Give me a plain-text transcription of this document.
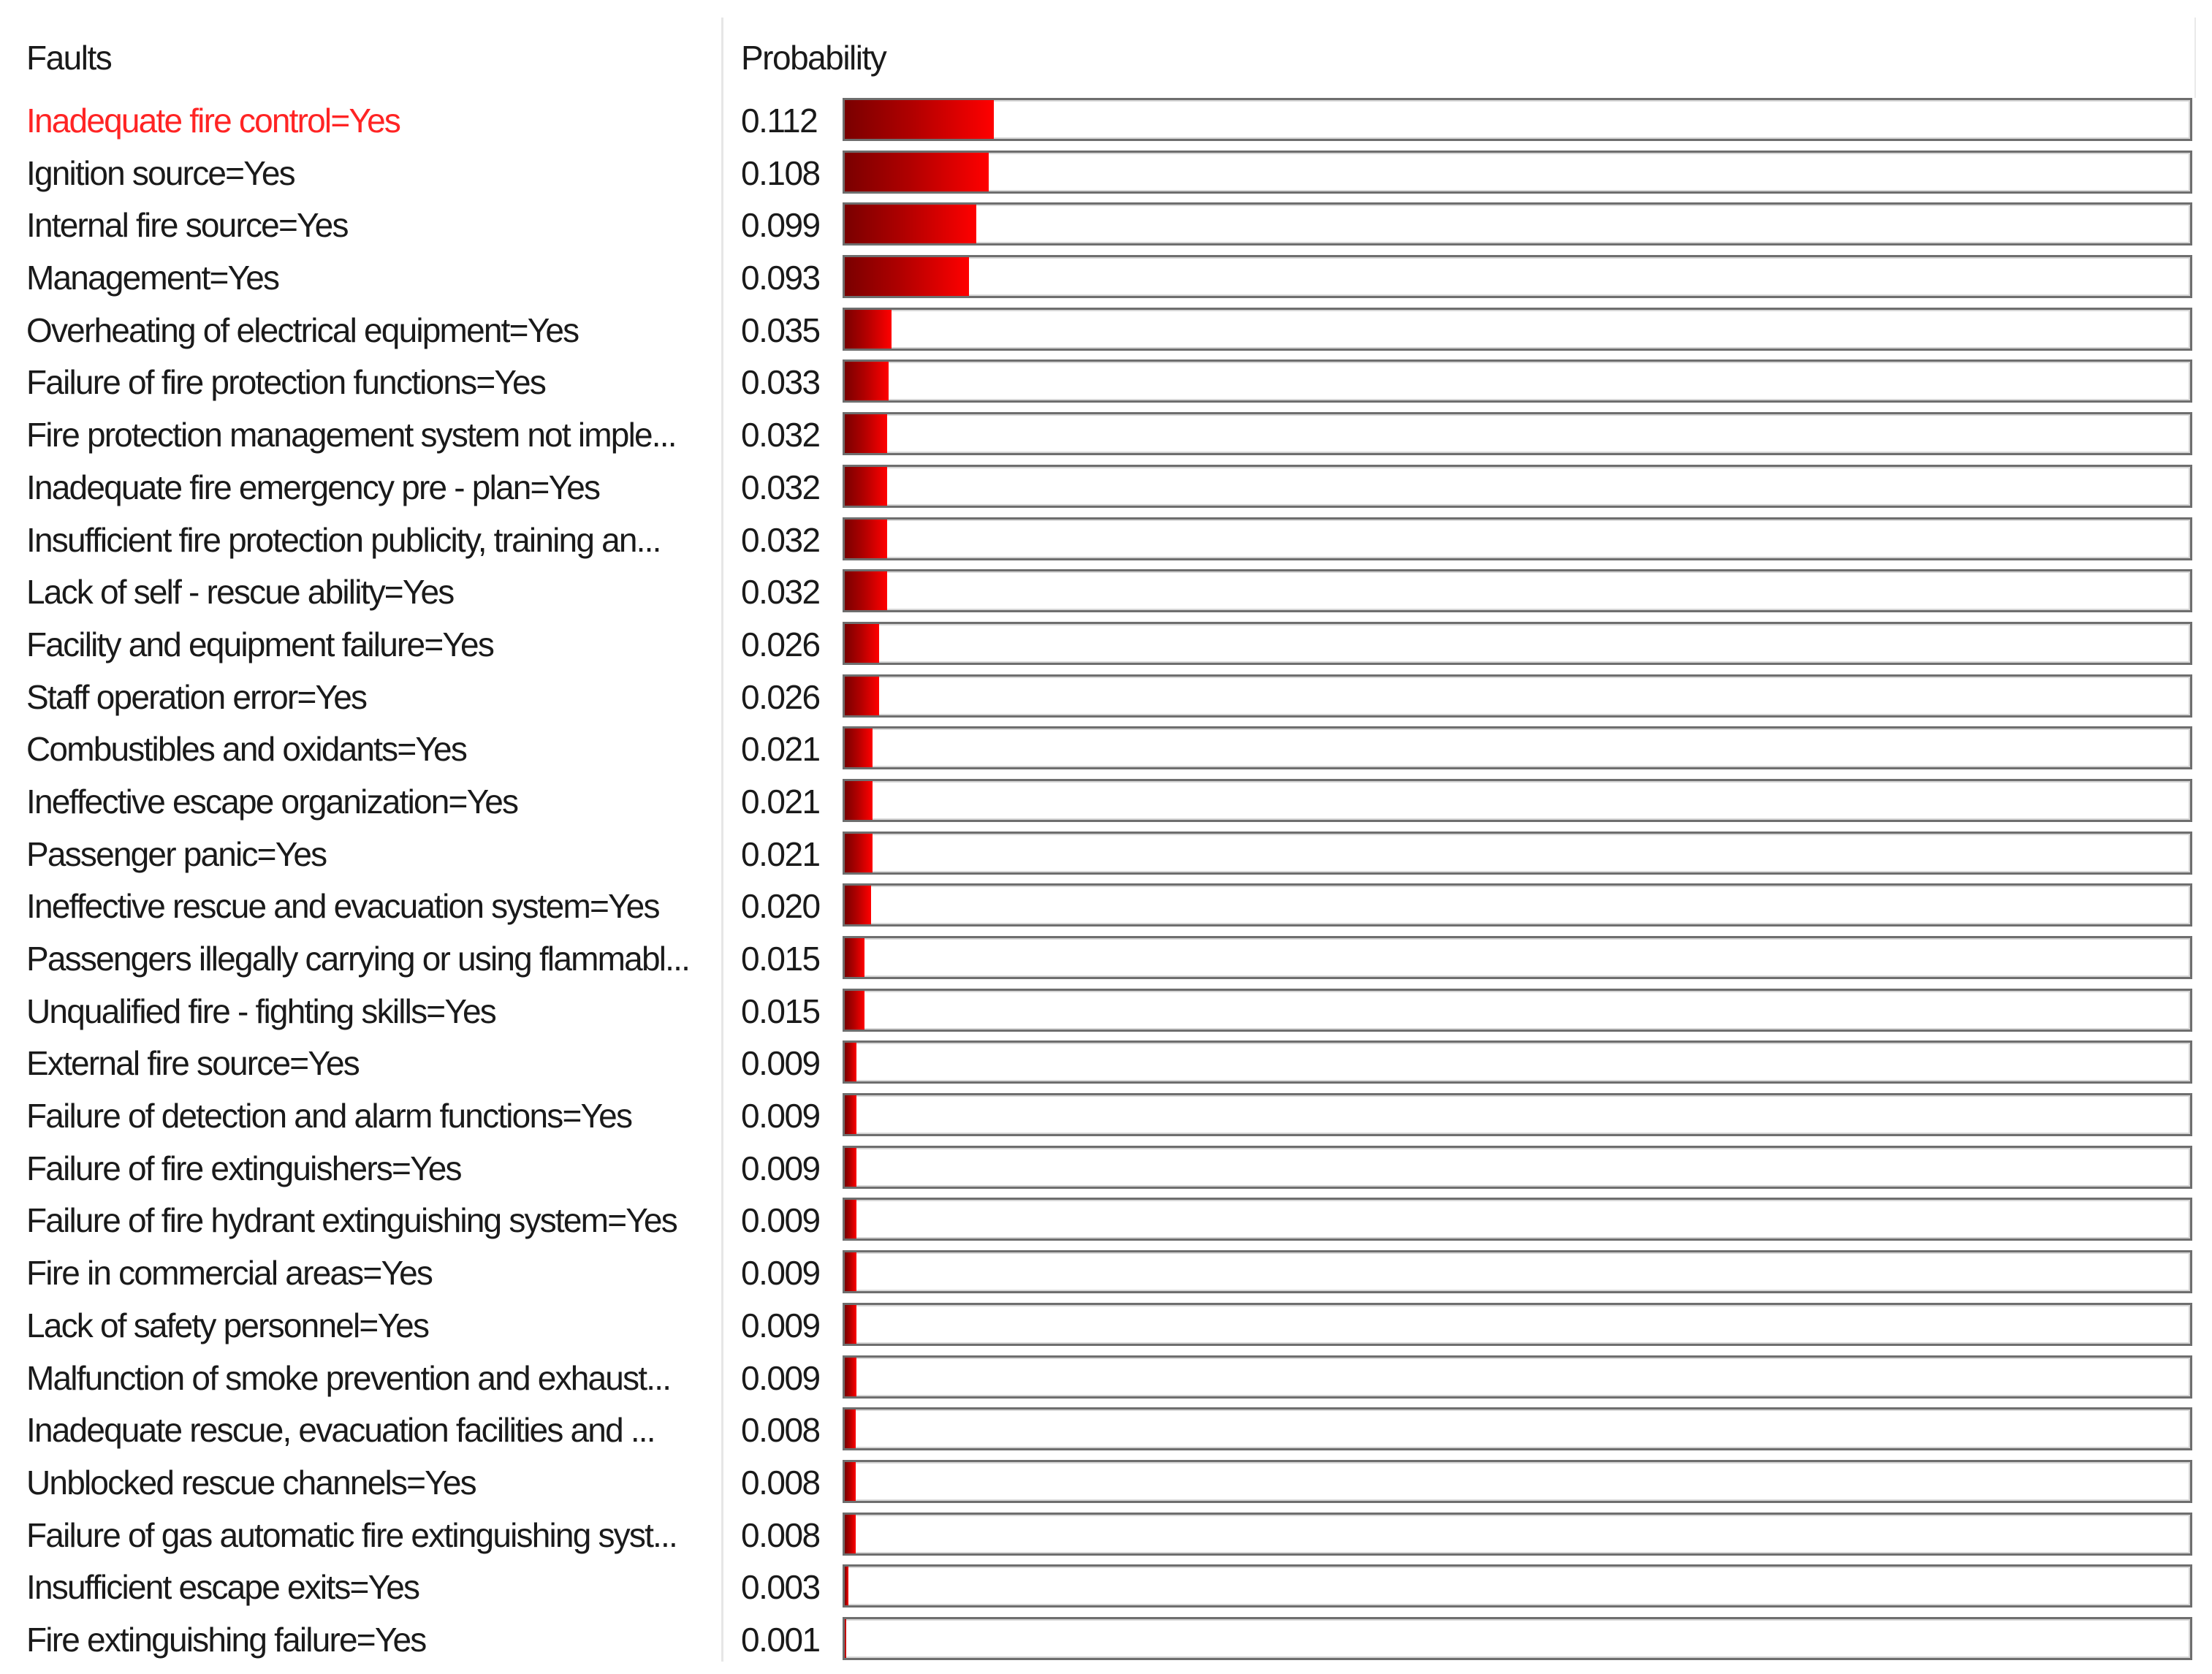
Faults	Probability
Inadequate fire control=Yes	0.112
Ignition source=Yes	0.108
Internal fire source=Yes	0.099
Management=Yes	0.093
Overheating of electrical equipment=Yes	0.035
Failure of fire protection functions=Yes	0.033
Fire protection management system not imple...	0.032
Inadequate fire emergency pre - plan=Yes	0.032
Insufficient fire protection publicity, training an...	0.032
Lack of self - rescue ability=Yes	0.032
Facility and equipment failure=Yes	0.026
Staff operation error=Yes	0.026
Combustibles and oxidants=Yes	0.021
Ineffective escape organization=Yes	0.021
Passenger panic=Yes	0.021
Ineffective rescue and evacuation system=Yes	0.020
Passengers illegally carrying or using flammabl...	0.015
Unqualified fire - fighting skills=Yes	0.015
External fire source=Yes	0.009
Failure of detection and alarm functions=Yes	0.009
Failure of fire extinguishers=Yes	0.009
Failure of fire hydrant extinguishing system=Yes	0.009
Fire in commercial areas=Yes	0.009
Lack of safety personnel=Yes	0.009
Malfunction of smoke prevention and exhaust...	0.009
Inadequate rescue, evacuation facilities and ...	0.008
Unblocked rescue channels=Yes	0.008
Failure of gas automatic fire extinguishing syst...	0.008
Insufficient escape exits=Yes	0.003
Fire extinguishing failure=Yes	0.001
